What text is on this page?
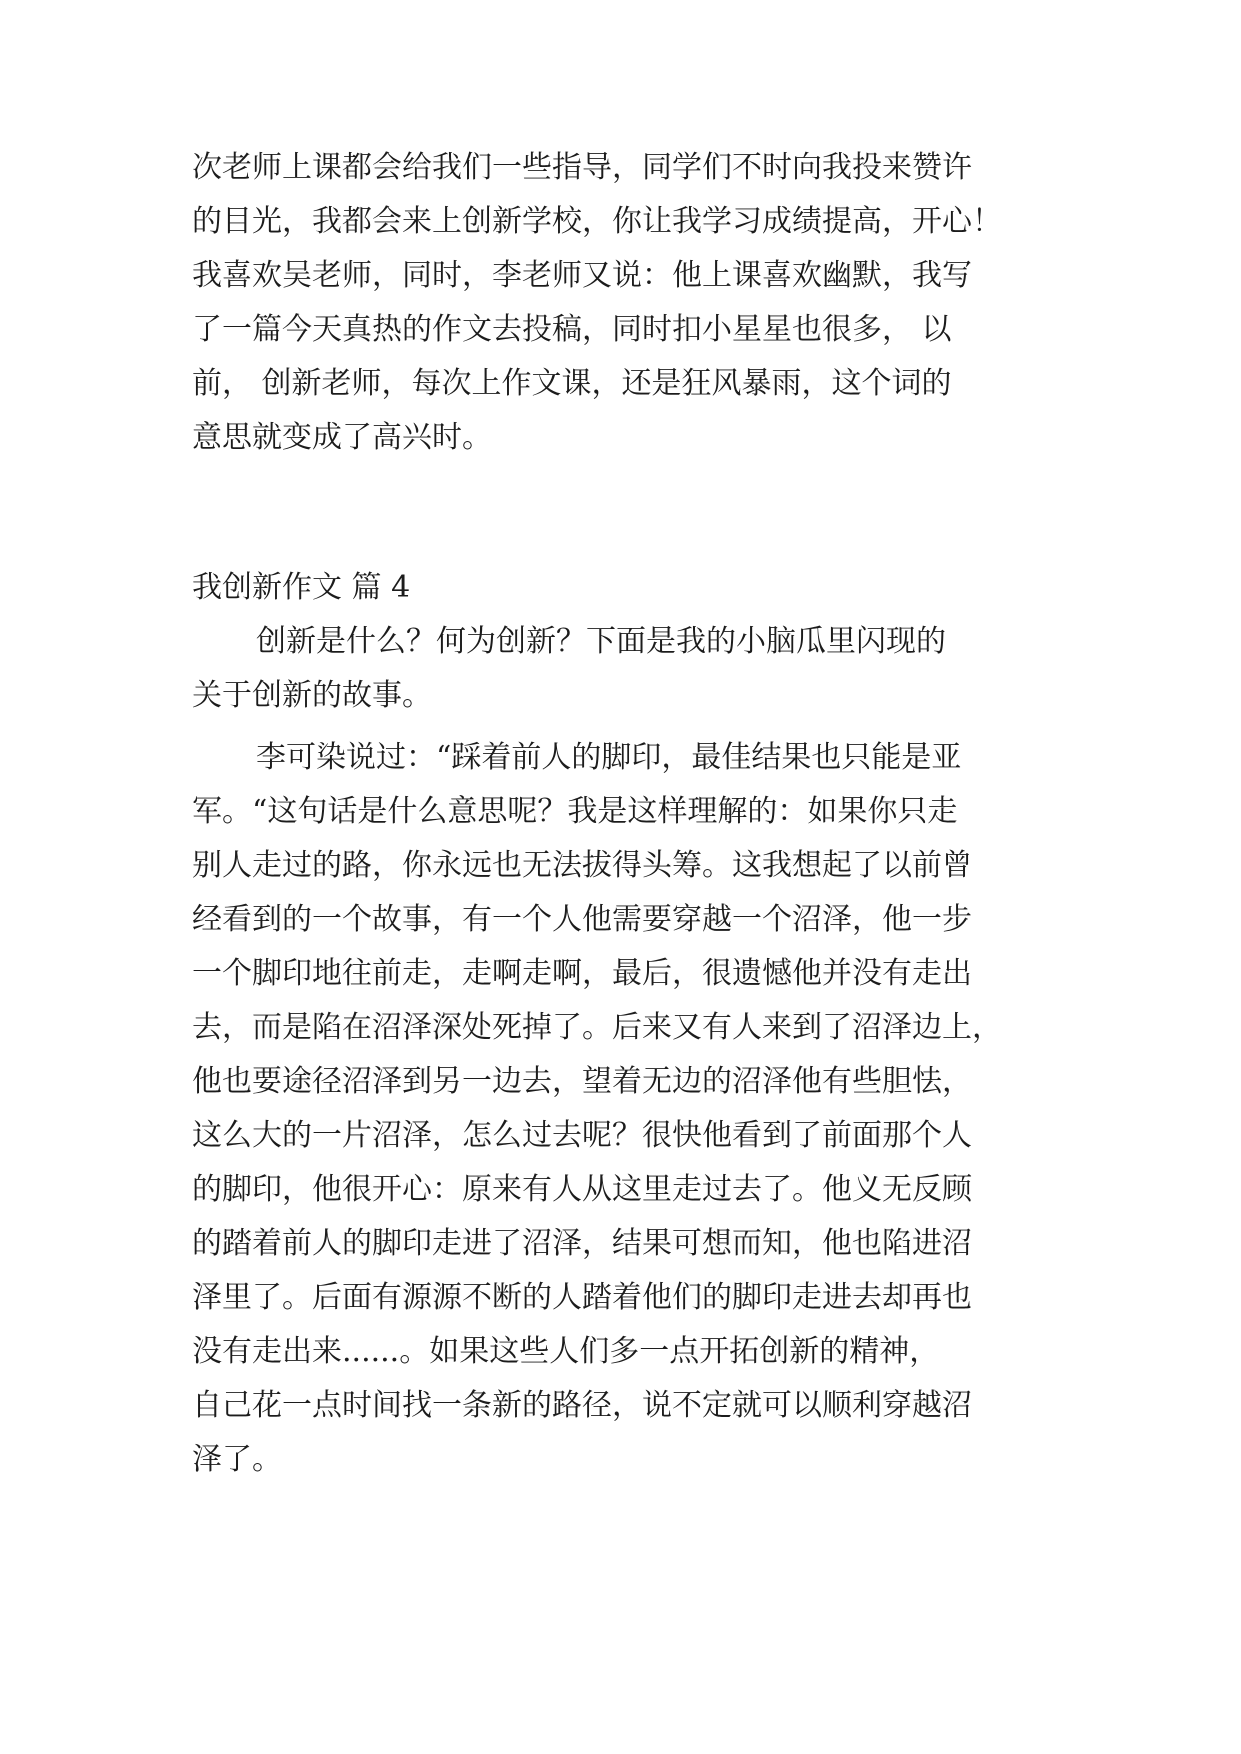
次老师上课都会给我们一些指导，同学们不时向我投来赞许
的目光，我都会来上创新学校，你让我学习成绩提高，开心！
我喜欢吴老师，同时，李老师又说：他上课喜欢幽默，我写
了一篇今天真热的作文去投稿，同时扣小星星也很多， 以
前， 创新老师，每次上作文课，还是狂风暴雨，这个词的
意思就变成了高兴时。
我创新作文 篇 4
创新是什么？何为创新？下面是我的小脑瓜里闪现的
关于创新的故事。
李可染说过：“踩着前人的脚印，最佳结果也只能是亚
军。“这句话是什么意思呢？我是这样理解的：如果你只走
别人走过的路，你永远也无法拔得头筹。这我想起了以前曾
经看到的一个故事，有一个人他需要穿越一个沼泽，他一步
一个脚印地往前走，走啊走啊，最后，很遗憾他并没有走出
去，而是陷在沼泽深处死掉了。后来又有人来到了沼泽边上，
他也要途径沼泽到另一边去，望着无边的沼泽他有些胆怯，
这么大的一片沼泽，怎么过去呢？很快他看到了前面那个人
的脚印，他很开心：原来有人从这里走过去了。他义无反顾
的踏着前人的脚印走进了沼泽，结果可想而知，他也陷进沼
泽里了。后面有源源不断的人踏着他们的脚印走进去却再也
没有走出来......。如果这些人们多一点开拓创新的精神，
自己花一点时间找一条新的路径，说不定就可以顺利穿越沼
泽了。
